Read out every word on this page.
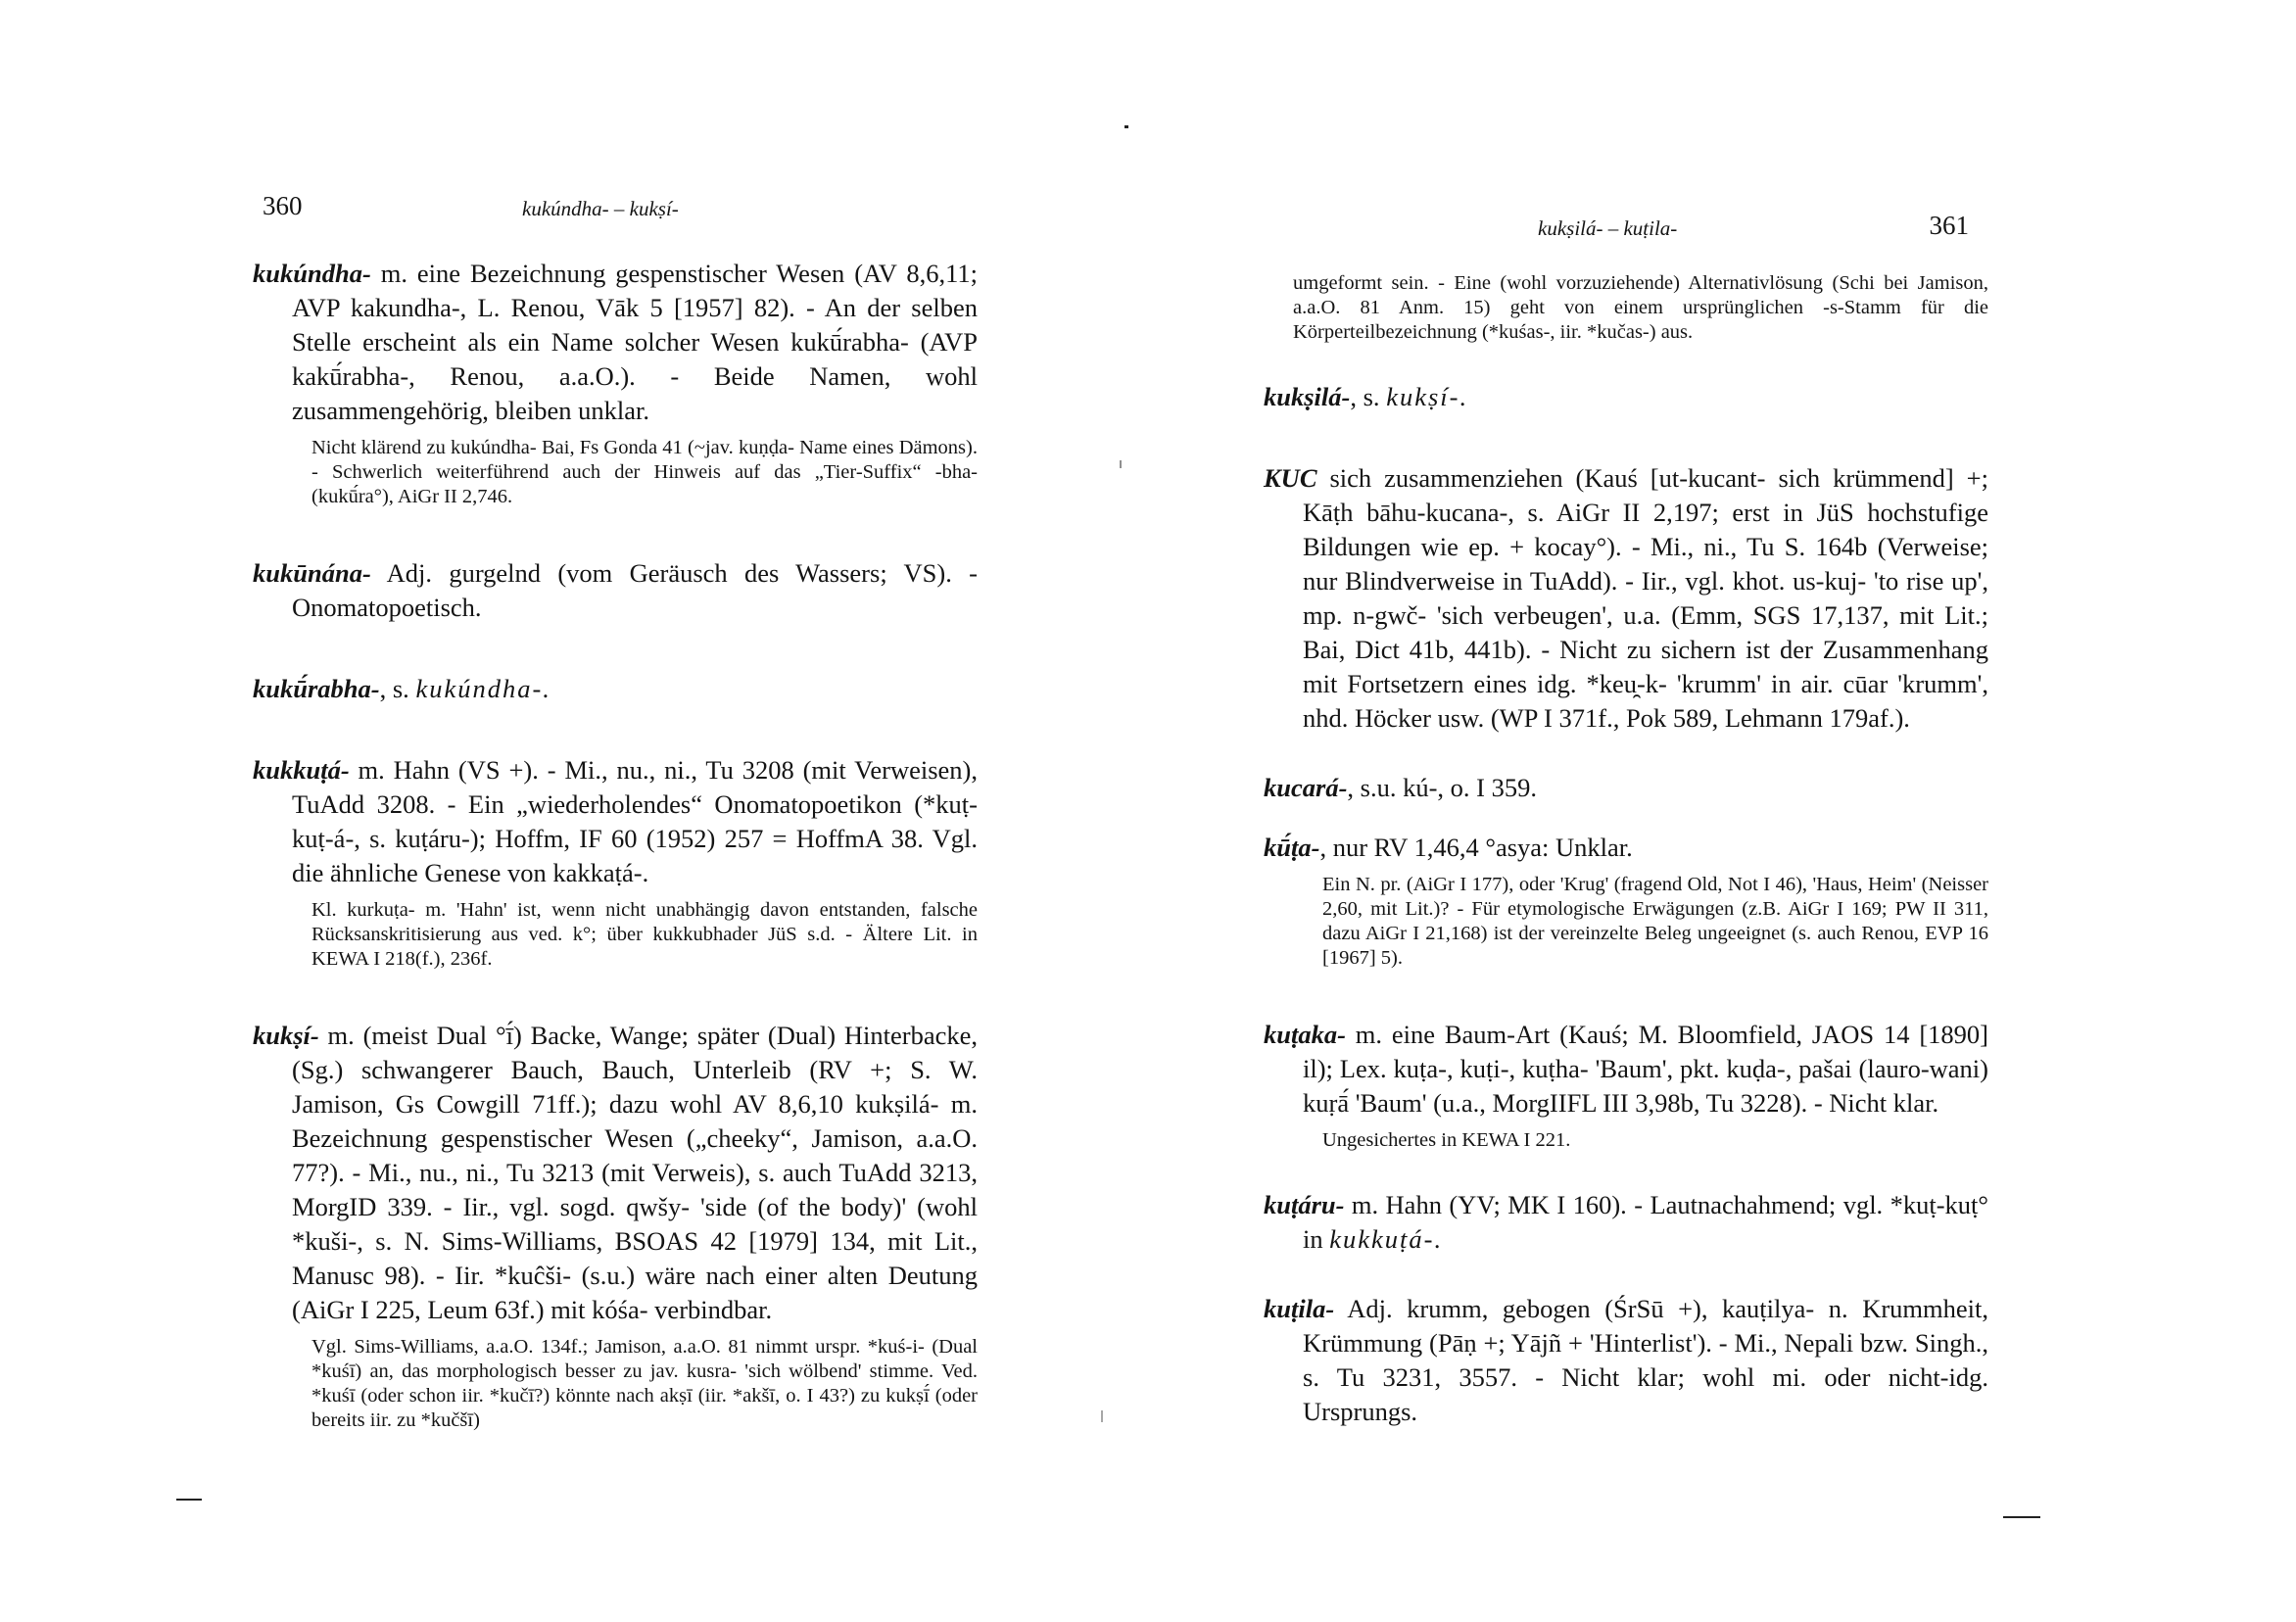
360	kukúndha- – kukṣí-
kukúndha- m. eine Bezeichnung gespenstischer Wesen (AV 8,6,11; AVP kakundha-, L. Renou, Vāk 5 [1957] 82). - An der selben Stelle erscheint als ein Name solcher Wesen kukū́rabha- (AVP kakū́rabha-, Renou, a.a.O.). - Beide Namen, wohl zusammengehörig, bleiben unklar.
Nicht klärend zu kukúndha- Bai, Fs Gonda 41 (~jav. kuṇḍa- Name eines Dämons). - Schwerlich weiterführend auch der Hinweis auf das „Tier-Suffix“ -bha- (kukū́ra°), AiGr II 2,746.
kukūnána- Adj. gurgelnd (vom Geräusch des Wassers; VS). - Onomatopoetisch.
kukū́rabha-, s. kukúndha-.
kukkuṭá- m. Hahn (VS +). - Mi., nu., ni., Tu 3208 (mit Verweisen), TuAdd 3208. - Ein „wiederholendes“ Onomatopoetikon (*kuṭ-kuṭ-á-, s. kuṭáru-); Hoffm, IF 60 (1952) 257 = HoffmA 38. Vgl. die ähnliche Genese von kakkaṭá-.
Kl. kurkuṭa- m. 'Hahn' ist, wenn nicht unabhängig davon entstanden, falsche Rücksanskritisierung aus ved. k°; über kukkubhader JüS s.d. - Ältere Lit. in KEWA I 218(f.), 236f.
kukṣí- m. (meist Dual °ī́) Backe, Wange; später (Dual) Hinterbacke, (Sg.) schwangerer Bauch, Bauch, Unterleib (RV +; S. W. Jamison, Gs Cowgill 71ff.); dazu wohl AV 8,6,10 kukṣilá- m. Bezeichnung gespenstischer Wesen („cheeky“, Jamison, a.a.O. 77?). - Mi., nu., ni., Tu 3213 (mit Verweis), s. auch TuAdd 3213, MorgID 339. - Iir., vgl. sogd. qwšy- 'side (of the body)' (wohl *kuši-, s. N. Sims-Williams, BSOAS 42 [1979] 134, mit Lit., Manusc 98). - Iir. *kuĉši- (s.u.) wäre nach einer alten Deutung (AiGr I 225, Leum 63f.) mit kóśa- verbindbar.
Vgl. Sims-Williams, a.a.O. 134f.; Jamison, a.a.O. 81 nimmt urspr. *kuś-i- (Dual *kuśī) an, das morphologisch besser zu jav. kusra- 'sich wölbend' stimme. Ved. *kuśī (oder schon iir. *kučī?) könnte nach akṣī (iir. *akšī, o. I 43?) zu kukṣī́ (oder bereits iir. zu *kučšī)
kukṣilá- – kuṭila-	361
umgeformt sein. - Eine (wohl vorzuziehende) Alternativlösung (Schi bei Jamison, a.a.O. 81 Anm. 15) geht von einem ursprünglichen -s-Stamm für die Körperteilbezeichnung (*kuśas-, iir. *kučas-) aus.
kukṣilá-, s. kukṣí-.
KUC sich zusammenziehen (Kauś [ut-kucant- sich krümmend] +; Kāṭh bāhu-kucana-, s. AiGr II 2,197; erst in JüS hochstufige Bildungen wie ep. + kocay°). - Mi., ni., Tu S. 164b (Verweise; nur Blindverweise in TuAdd). - Iir., vgl. khot. us-kuj- 'to rise up', mp. n-gwč- 'sich verbeugen', u.a. (Emm, SGS 17,137, mit Lit.; Bai, Dict 41b, 441b). - Nicht zu sichern ist der Zusammenhang mit Fortsetzern eines idg. *keu̯-k- 'krumm' in air. cūar 'krumm', nhd. Höcker usw. (WP I 371f., Pok 589, Lehmann 179af.).
kucará-, s.u. kú-, o. I 359.
kū́ṭa-, nur RV 1,46,4 °asya: Unklar.
Ein N. pr. (AiGr I 177), oder 'Krug' (fragend Old, Not I 46), 'Haus, Heim' (Neisser 2,60, mit Lit.)? - Für etymologische Erwägungen (z.B. AiGr I 169; PW II 311, dazu AiGr I 21,168) ist der vereinzelte Beleg ungeeignet (s. auch Renou, EVP 16 [1967] 5).
kuṭaka- m. eine Baum-Art (Kauś; M. Bloomfield, JAOS 14 [1890] il); Lex. kuṭa-, kuṭi-, kuṭha- 'Baum', pkt. kuḍa-, pašai (lauro-wani) kuṛā́ 'Baum' (u.a., MorgIIFL III 3,98b, Tu 3228). - Nicht klar.
Ungesichertes in KEWA I 221.
kuṭáru- m. Hahn (YV; MK I 160). - Lautnachahmend; vgl. *kuṭ-kuṭ° in kukkuṭá-.
kuṭila- Adj. krumm, gebogen (ŚrSū +), kauṭilya- n. Krummheit, Krümmung (Pāṇ +; Yājñ + 'Hinterlist'). - Mi., Nepali bzw. Singh., s. Tu 3231, 3557. - Nicht klar; wohl mi. oder nicht-idg. Ursprungs.
